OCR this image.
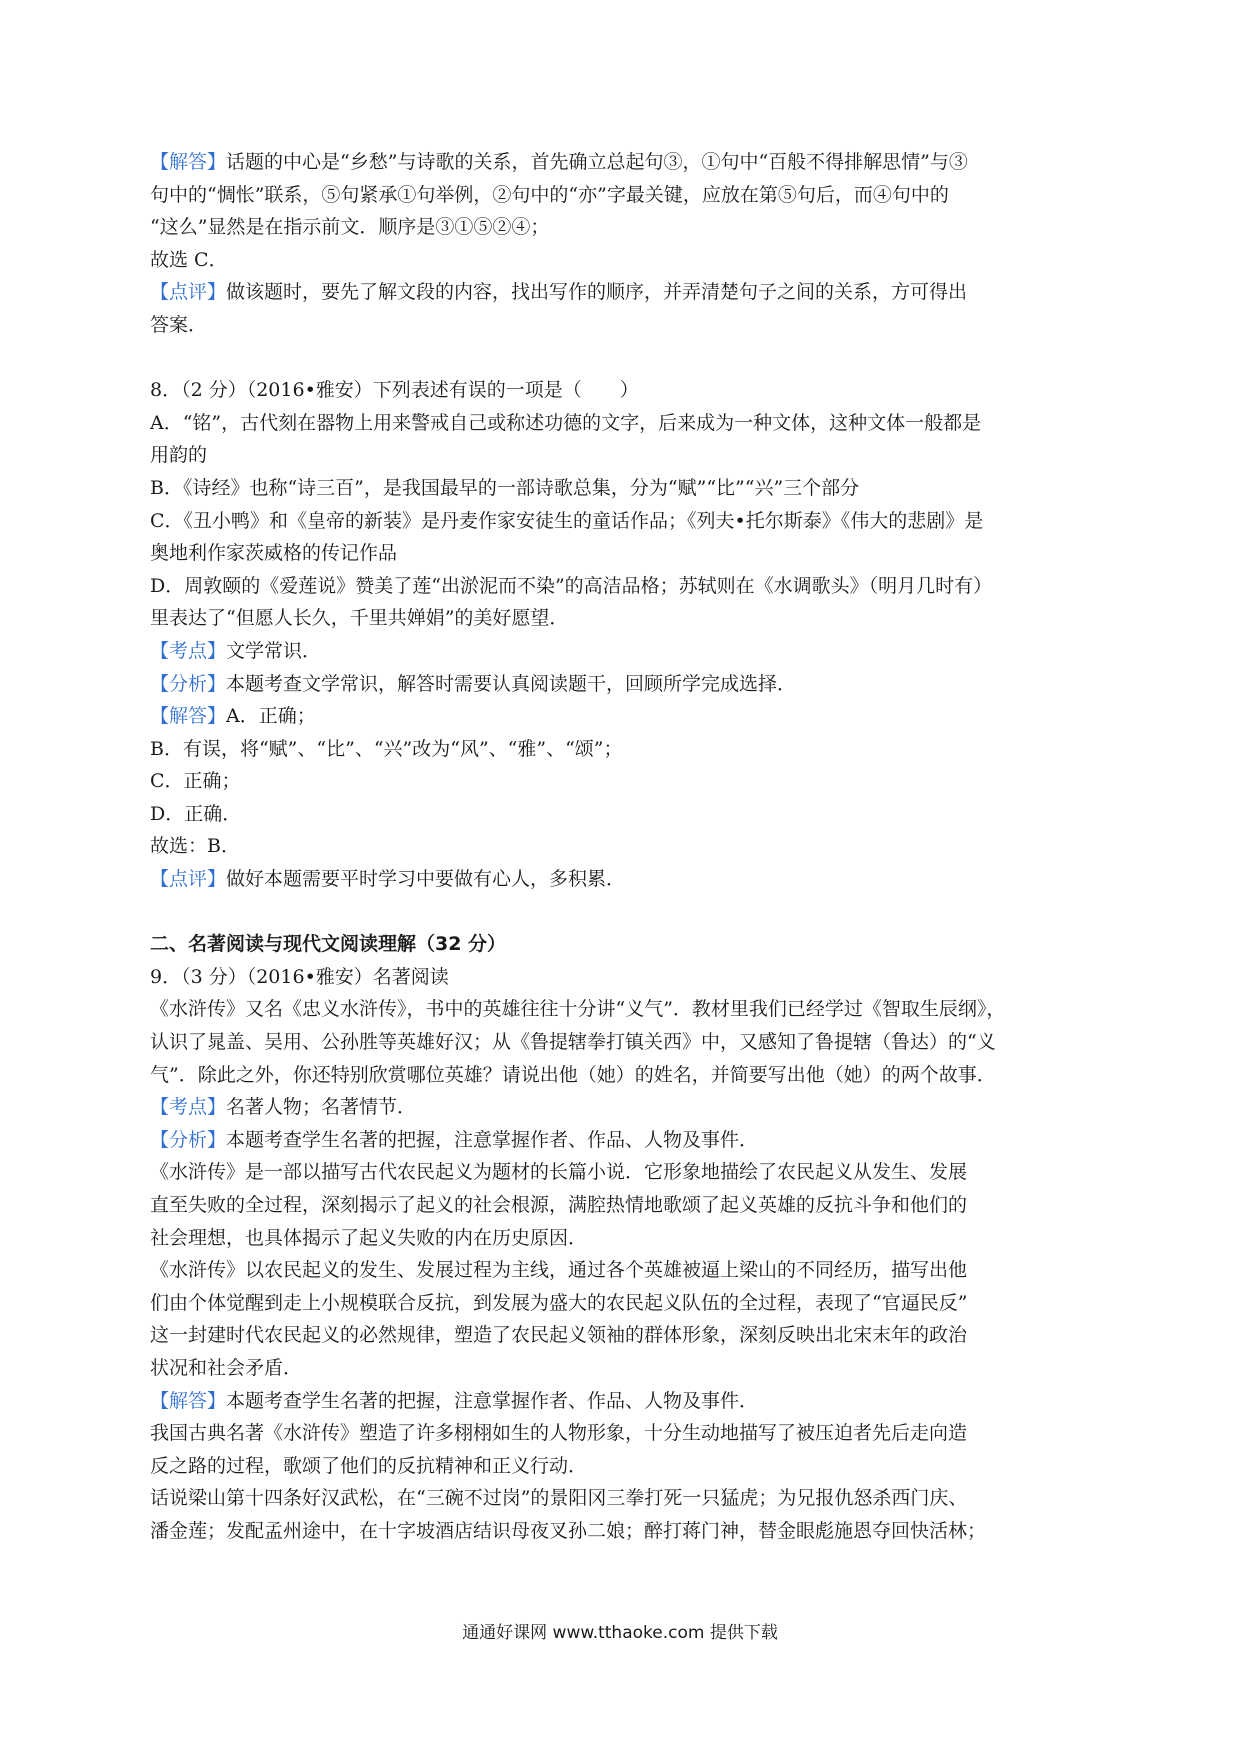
【解答】话题的中心是“乡愁”与诗歌的关系，首先确立总起句③，①句中“百般不得排解思情”与③
句中的“惆怅”联系，⑤句紧承①句举例，②句中的“亦”字最关键，应放在第⑤句后，而④句中的
“这么”显然是在指示前文．顺序是③①⑤②④；
故选 C．
【点评】做该题时，要先了解文段的内容，找出写作的顺序，并弄清楚句子之间的关系，方可得出
答案．
8．（2 分）（2016•雅安）下列表述有误的一项是（　　）
A．“铭”，古代刻在器物上用来警戒自己或称述功德的文字，后来成为一种文体，这种文体一般都是
用韵的
B．《诗经》也称“诗三百”，是我国最早的一部诗歌总集，分为“赋”“比”“兴”三个部分
C．《丑小鸭》和《皇帝的新装》是丹麦作家安徒生的童话作品；《列夫•托尔斯泰》《伟大的悲剧》是
奥地利作家茨威格的传记作品
D．周敦颐的《爱莲说》赞美了莲“出淤泥而不染”的高洁品格；苏轼则在《水调歌头》（明月几时有）
里表达了“但愿人长久，千里共婵娟”的美好愿望．
【考点】文学常识．
【分析】本题考查文学常识，解答时需要认真阅读题干，回顾所学完成选择．
【解答】A．正确；
B．有误，将“赋”、“比”、“兴”改为“风”、“雅”、“颂”；
C．正确；
D．正确．
故选：B．
【点评】做好本题需要平时学习中要做有心人，多积累．
二、名著阅读与现代文阅读理解（32 分）
9．（3 分）（2016•雅安）名著阅读
《水浒传》又名《忠义水浒传》，书中的英雄往往十分讲“义气”．教材里我们已经学过《智取生辰纲》，
认识了晁盖、吴用、公孙胜等英雄好汉；从《鲁提辖拳打镇关西》中，又感知了鲁提辖（鲁达）的“义
气”．除此之外，你还特别欣赏哪位英雄？请说出他（她）的姓名，并简要写出他（她）的两个故事．
【考点】名著人物；名著情节．
【分析】本题考查学生名著的把握，注意掌握作者、作品、人物及事件．
《水浒传》是一部以描写古代农民起义为题材的长篇小说．它形象地描绘了农民起义从发生、发展
直至失败的全过程，深刻揭示了起义的社会根源，满腔热情地歌颂了起义英雄的反抗斗争和他们的
社会理想，也具体揭示了起义失败的内在历史原因．
《水浒传》以农民起义的发生、发展过程为主线，通过各个英雄被逼上梁山的不同经历，描写出他
们由个体觉醒到走上小规模联合反抗，到发展为盛大的农民起义队伍的全过程，表现了“官逼民反”
这一封建时代农民起义的必然规律，塑造了农民起义领袖的群体形象，深刻反映出北宋末年的政治
状况和社会矛盾．
【解答】本题考查学生名著的把握，注意掌握作者、作品、人物及事件．
我国古典名著《水浒传》塑造了许多栩栩如生的人物形象，十分生动地描写了被压迫者先后走向造
反之路的过程，歌颂了他们的反抗精神和正义行动．
话说梁山第十四条好汉武松，在“三碗不过岗”的景阳冈三拳打死一只猛虎；为兄报仇怒杀西门庆、
潘金莲；发配孟州途中，在十字坡酒店结识母夜叉孙二娘；醉打蒋门神，替金眼彪施恩夺回快活林；
通通好课网 www.tthaoke.com 提供下载
